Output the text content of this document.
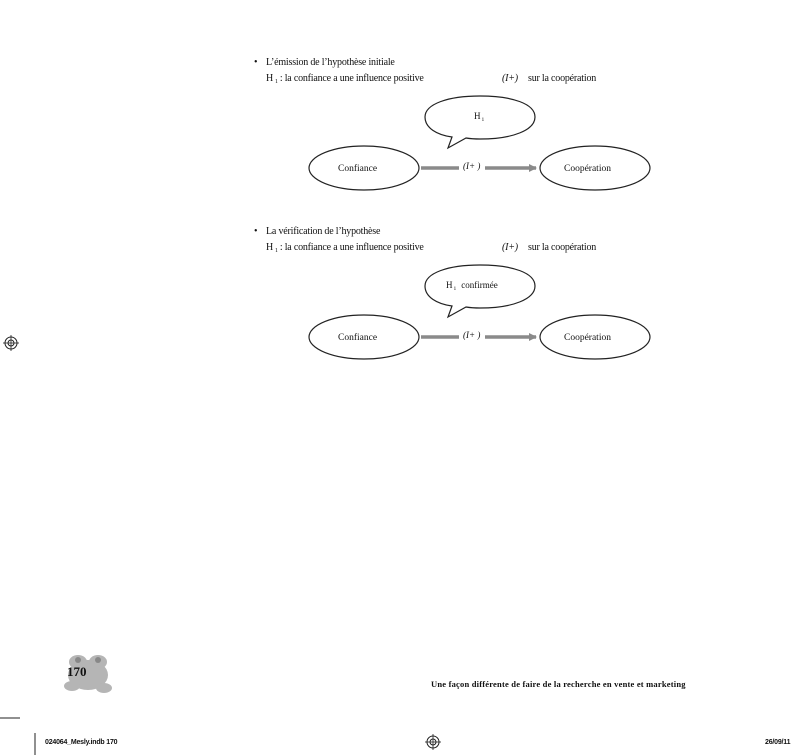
• L’émission de l’hypothèse initiale
H $_1$ : la confiance a une influence positive	(I+) sur la coopération
$H_1$
(I+ )
Confiance	Coopération
$H_1$ confirmée
(I+ )
Confiance	Coopération
• La vérification de l’hypothèse
H $_1$ : la confiance a une influence positive	(I+) sur la coopération
170
Une façon différente de faire de la recherche en vente et marketing
024064_Mesly.indb 170	26/09/11
